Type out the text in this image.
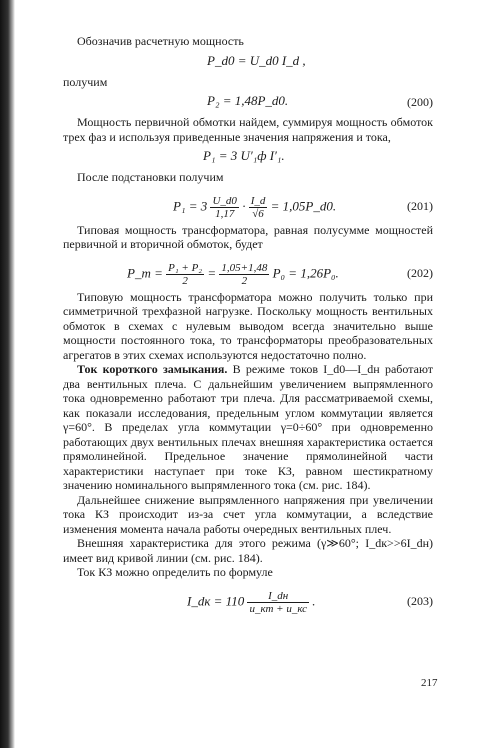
Обозначив расчетную мощность

P_d0 = U_d0 I_d ,

получим

P₂ = 1,48P_d0.	(200)

Мощность первичной обмотки найдем, суммируя мощность обмоток трех фаз и используя приведенные значения напряжения и тока,

P₁ = 3 U′₁ф I′₁.

После подстановки получим

$P_1 = 3 \frac{U\_d0}{1,17} \cdot \frac{I\_d}{√6}$ = 1,05P_d0.	(201)

Типовая мощность трансформатора, равная полусумме мощностей первичной и вторичной обмоток, будет

P_т = $\frac{\text{P₁ + P₂}}{2} = \frac{1,05+1,48}{2} P_0 = 1,26P_0$.	(202)

Типовую мощность трансформатора можно получить только при симметричной трехфазной нагрузке. Поскольку мощность вентильных обмоток в схемах с нулевым выводом всегда значительно выше мощности постоянного тока, то трансформаторы преобразовательных агрегатов в этих схемах используются недостаточно полно.

Ток короткого замыкания. В режиме токов I_d0—I_dн работают два вентильных плеча. С дальнейшим увеличением выпрямленного тока одновременно работают три плеча. Для рассматриваемой схемы, как показали исследования, предельным углом коммутации является γ=60°. В пределах угла коммутации γ=0÷60° при одновременно работающих двух вентильных плечах внешняя характеристика остается прямолинейной. Предельное значение прямолинейной части характеристики наступает при токе КЗ, равном шестикратному значению номинального выпрямленного тока (см. рис. 184).

Дальнейшее снижение выпрямленного напряжения при увеличении тока КЗ происходит из-за счет угла коммутации, а вследствие изменения момента начала работы очередных вентильных плеч.

Внешняя характеристика для этого режима (γ≫60°; I_dк>>6I_dн) имеет вид кривой линии (см. рис. 184).

Ток КЗ можно определить по формуле

I_dк = $110 \frac{I\_dн}{u\_кт + u\_кс}$ .	(203)
217
